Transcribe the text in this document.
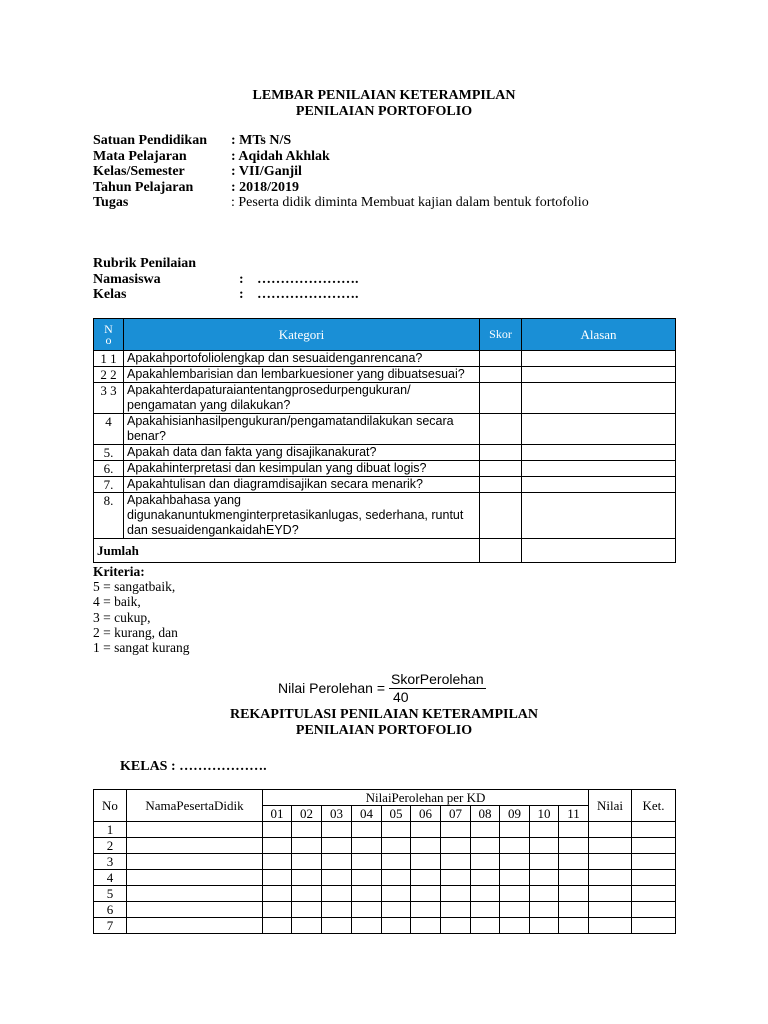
LEMBAR PENILAIAN KETERAMPILAN
PENILAIAN PORTOFOLIO
Satuan Pendidikan	: MTs N/S
Mata Pelajaran	: Aqidah Akhlak
Kelas/Semester	: VII/Ganjil
Tahun Pelajaran	: 2018/2019
Tugas	: Peserta didik diminta Membuat kajian dalam bentuk fortofolio
Rubrik Penilaian
Namasiswa	: ………………….
Kelas	: ………………….
No	Kategori	Skor	Alasan
1 1	Apakahportofoliolengkap dan sesuaidenganrencana?		
2 2	Apakahlembarisian dan lembarkuesioner yang dibuatsesuai?		
3 3	Apakahterdapaturaiantentangprosedurpengukuran/ pengamatan yang dilakukan?		
4	Apakahisianhasilpengukuran/pengamatandilakukan secara benar?		
5.	Apakah data dan fakta yang disajikanakurat?		
6.	Apakahinterpretasi dan kesimpulan yang dibuat logis?		
7.	Apakahtulisan dan diagramdisajikan secara menarik?		
8.	Apakahbahasa yang digunakanuntukmenginterpretasikanlugas, sederhana, runtut dan sesuaidengankaidahEYD?		
Jumlah			
Kriteria:
5 = sangatbaik,
4 = baik,
3 = cukup,
2 = kurang, dan
1 = sangat kurang
Nilai Perolehan = $\frac{\text{SkorPerolehan}}{40}$
REKAPITULASI PENILAIAN KETERAMPILAN
PENILAIAN PORTOFOLIO
KELAS : ……………….
No	NamaPesertaDidik	NilaiPerolehan per KD											Nilai	Ket.
		01	02	03	04	05	06	07	08	09	10	11		
1														
2														
3														
4														
5														
6														
7														
